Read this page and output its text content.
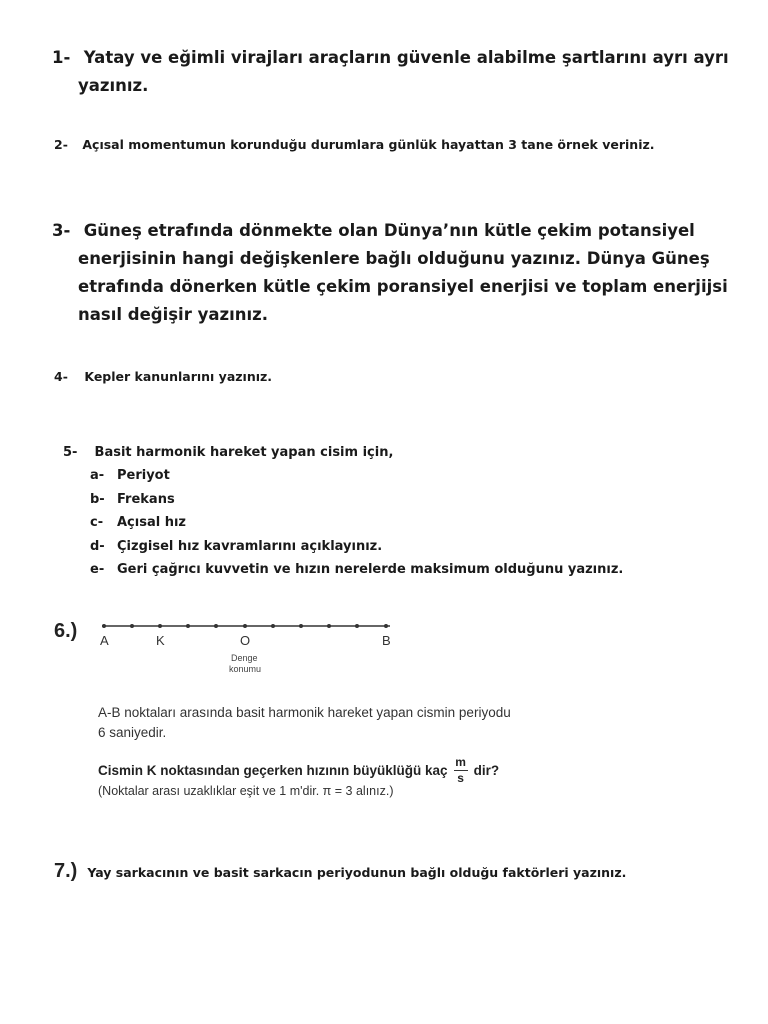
1- Yatay ve eğimli virajları araçların güvenle alabilme şartlarını ayrı ayrı
yazınız.
2- Açısal momentumun korunduğu durumlara günlük hayattan 3 tane örnek veriniz.
3- Güneş etrafında dönmekte olan Dünya’nın kütle çekim potansiyel
enerjisinin hangi değişkenlere bağlı olduğunu yazınız. Dünya Güneş
etrafında dönerken kütle çekim poransiyel enerjisi ve toplam enerjijsi
nasıl değişir yazınız.
4- Kepler kanunlarını yazınız.
5- Basit harmonik hareket yapan cisim için,
a- Periyot
b- Frekans
c- Açısal hız
d- Çizgisel hız kavramlarını açıklayınız.
e- Geri çağrıcı kuvvetin ve hızın nerelerde maksimum olduğunu yazınız.
6.) A	K	O	B
Denge
konumu
A-B noktaları arasında basit harmonik hareket yapan cismin periyodu
6 saniyedir.
Cismin K noktasından geçerken hızının büyüklüğü kaç $\frac{m}{s}$ dir?
(Noktalar arası uzaklıklar eşit ve 1 m'dir. π = 3 alınız.)
7.) Yay sarkacının ve basit sarkacın periyodunun bağlı olduğu faktörleri yazınız.
